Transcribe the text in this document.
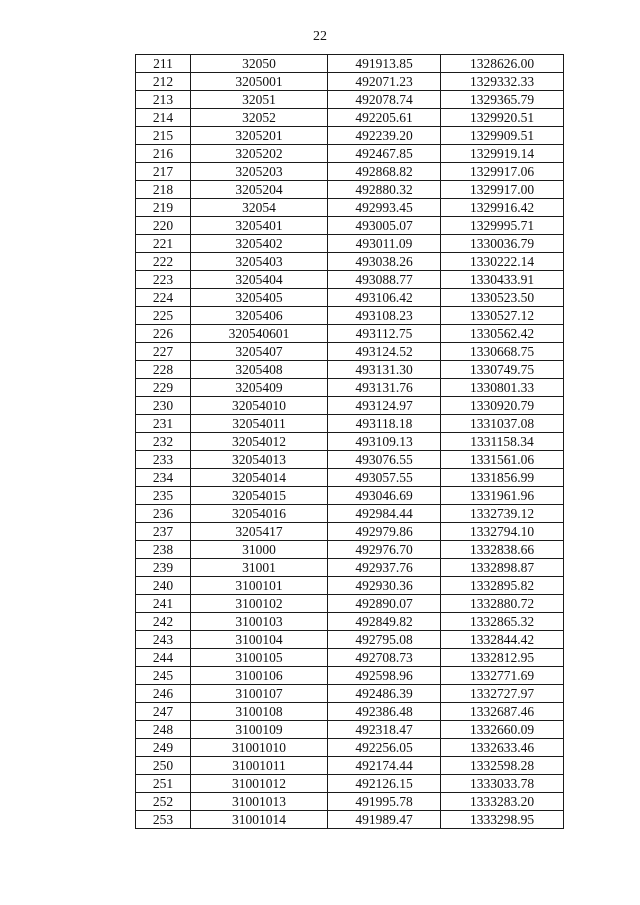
22
211	32050	491913.85	1328626.00
212	3205001	492071.23	1329332.33
213	32051	492078.74	1329365.79
214	32052	492205.61	1329920.51
215	3205201	492239.20	1329909.51
216	3205202	492467.85	1329919.14
217	3205203	492868.82	1329917.06
218	3205204	492880.32	1329917.00
219	32054	492993.45	1329916.42
220	3205401	493005.07	1329995.71
221	3205402	493011.09	1330036.79
222	3205403	493038.26	1330222.14
223	3205404	493088.77	1330433.91
224	3205405	493106.42	1330523.50
225	3205406	493108.23	1330527.12
226	320540601	493112.75	1330562.42
227	3205407	493124.52	1330668.75
228	3205408	493131.30	1330749.75
229	3205409	493131.76	1330801.33
230	32054010	493124.97	1330920.79
231	32054011	493118.18	1331037.08
232	32054012	493109.13	1331158.34
233	32054013	493076.55	1331561.06
234	32054014	493057.55	1331856.99
235	32054015	493046.69	1331961.96
236	32054016	492984.44	1332739.12
237	3205417	492979.86	1332794.10
238	31000	492976.70	1332838.66
239	31001	492937.76	1332898.87
240	3100101	492930.36	1332895.82
241	3100102	492890.07	1332880.72
242	3100103	492849.82	1332865.32
243	3100104	492795.08	1332844.42
244	3100105	492708.73	1332812.95
245	3100106	492598.96	1332771.69
246	3100107	492486.39	1332727.97
247	3100108	492386.48	1332687.46
248	3100109	492318.47	1332660.09
249	31001010	492256.05	1332633.46
250	31001011	492174.44	1332598.28
251	31001012	492126.15	1333033.78
252	31001013	491995.78	1333283.20
253	31001014	491989.47	1333298.95
